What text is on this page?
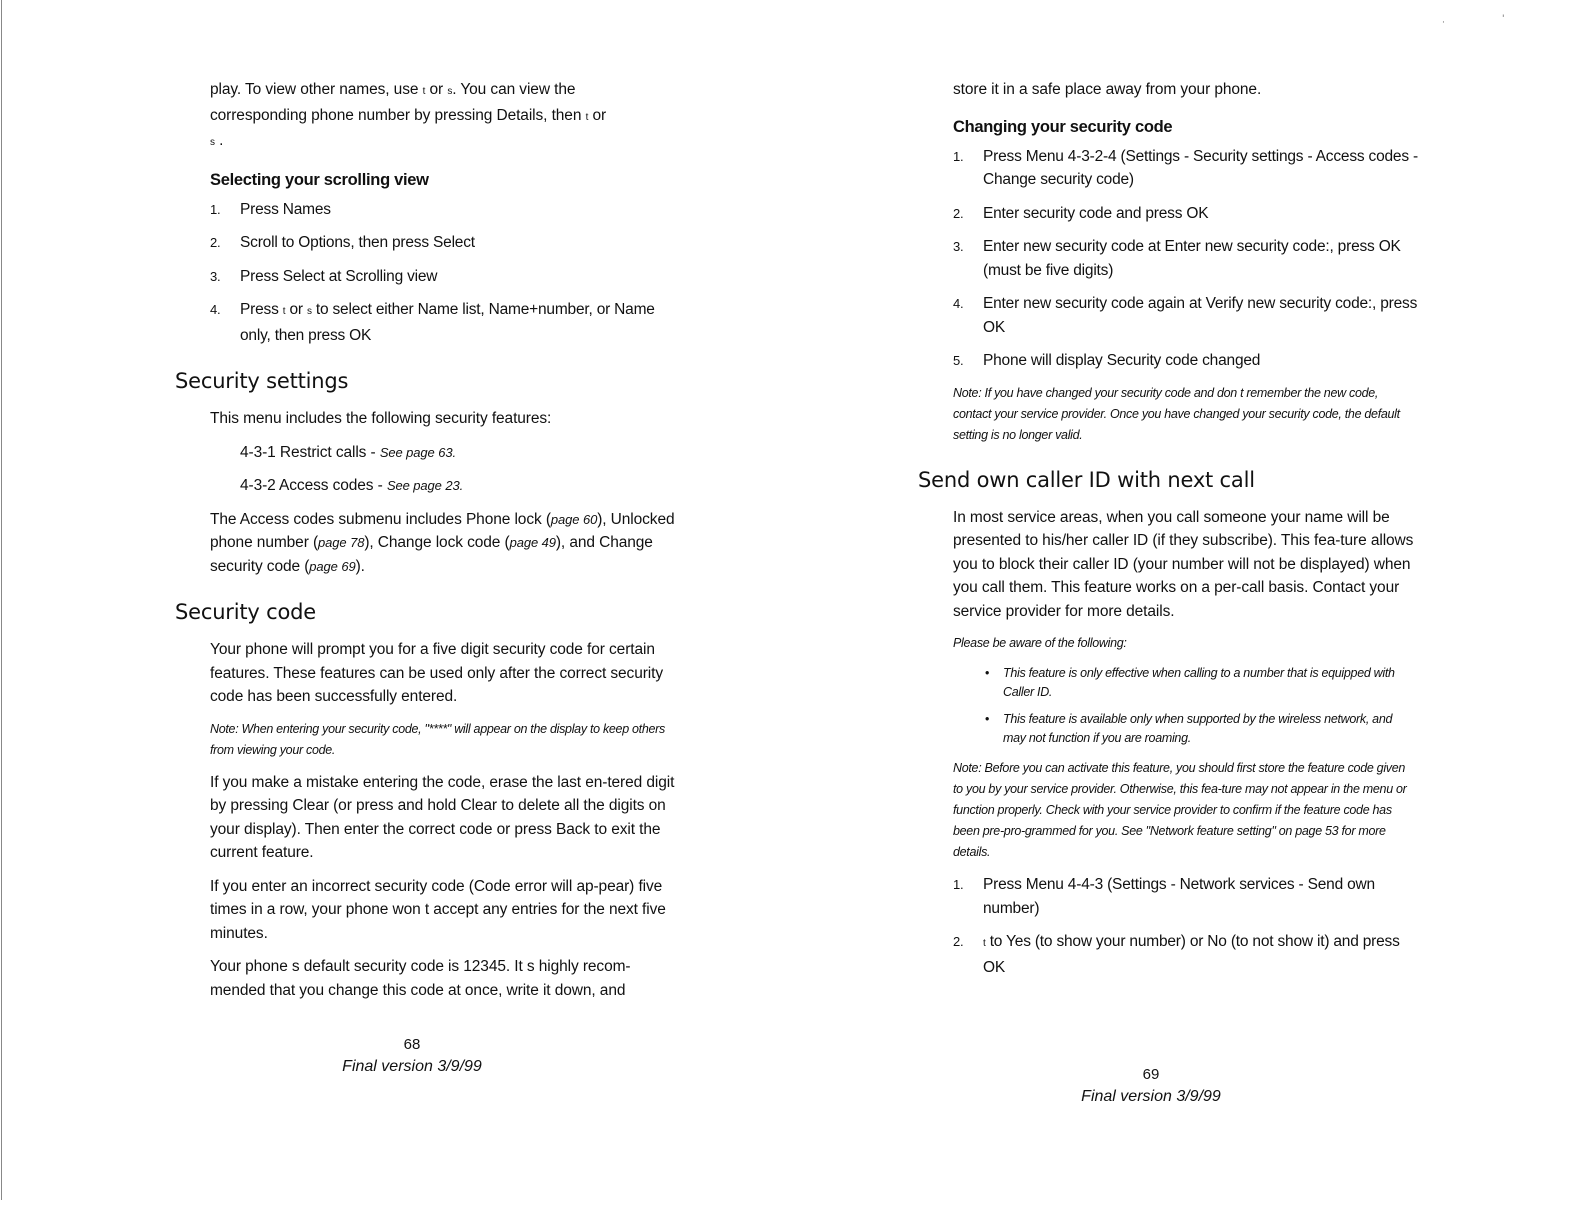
·	'

play. To view other names, use t or s. You can view the corresponding phone number by pressing Details, then t or
s .

Selecting your scrolling view
1. Press Names
2. Scroll to Options, then press Select
3. Press Select at Scrolling view
4. Press t or s to select either Name list, Name+number, or Name only, then press OK
Security settings

This menu includes the following security features:

4-3-1 Restrict calls - See page 63.

4-3-2 Access codes - See page 23.

The Access codes submenu includes Phone lock (page 60), Unlocked phone number (page 78), Change lock code (page 49), and Change security code (page 69).

Security code

Your phone will prompt you for a five digit security code for certain features. These features can be used only after the correct security code has been successfully entered.

Note: When entering your security code, "****" will appear on the display to keep others from viewing your code.

If you make a mistake entering the code, erase the last en-tered digit by pressing Clear (or press and hold Clear to delete all the digits on your display). Then enter the correct code or press Back to exit the current feature.

If you enter an incorrect security code (Code error will ap-pear) five times in a row, your phone won t accept any entries for the next five minutes.

Your phone s default security code is 12345. It s highly recom-mended that you change this code at once, write it down, and

68
Final version 3/9/99

store it in a safe place away from your phone.

Changing your security code
1. Press Menu 4-3-2-4 (Settings - Security settings - Access codes - Change security code)
2. Enter security code and press OK
3. Enter new security code at Enter new security code:, press OK (must be five digits)
4. Enter new security code again at Verify new security code:, press OK
5. Phone will display Security code changed

Note: If you have changed your security code and don t remember the new code, contact your service provider. Once you have changed your security code, the default setting is no longer valid.

Send own caller ID with next call

In most service areas, when you call someone your name will be presented to his/her caller ID (if they subscribe). This fea-ture allows you to block their caller ID (your number will not be displayed) when you call them. This feature works on a per-call basis. Contact your service provider for more details.

Please be aware of the following:

• This feature is only effective when calling to a number that is equipped with Caller ID.
• This feature is available only when supported by the wireless network, and may not function if you are roaming.

Note: Before you can activate this feature, you should first store the feature code given to you by your service provider. Otherwise, this fea-ture may not appear in the menu or function properly. Check with your service provider to confirm if the feature code has been pre-pro-grammed for you. See "Network feature setting" on page 53 for more details.

1. Press Menu 4-4-3 (Settings - Network services - Send own number)
2. t to Yes (to show your number) or No (to not show it) and press OK
69
Final version 3/9/99
